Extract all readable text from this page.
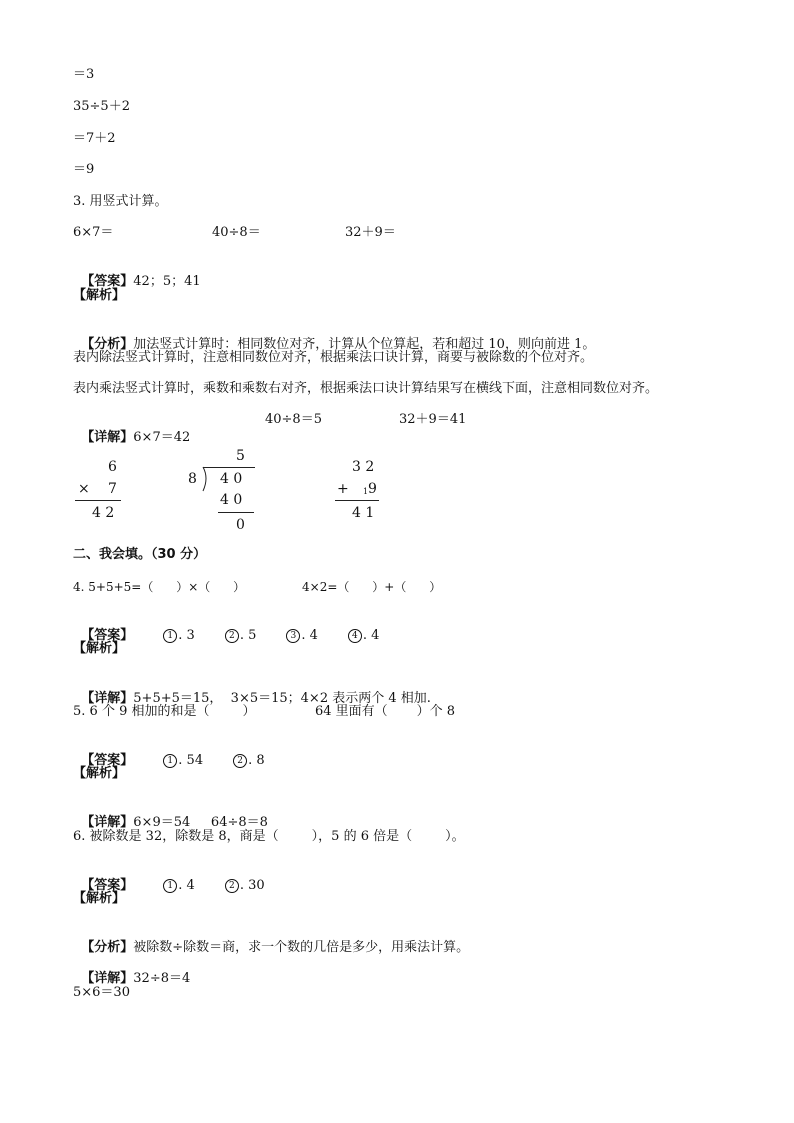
＝3
35÷5＋2
＝7＋2
＝9
3. 用竖式计算。
6×7＝	40÷8＝	32＋9＝

【答案】42；5；41

【解析】

【分析】加法竖式计算时：相同数位对齐，计算从个位算起，若和超过 10，则向前进 1。

表内除法竖式计算时，注意相同数位对齐，根据乘法口诀计算，商要与被除数的个位对齐。
表内乘法竖式计算时，乘数和乘数右对齐，根据乘法口诀计算结果写在横线下面，注意相同数位对齐。

【详解】6×7＝42

40÷8＝5	32＋9＝41
6
× 7
4 2
5
8 4 0
4 0
0
3 2
+ 1 9
4 1
二、我会填。（30 分）
4. 5+5+5=（      ）×（      ）	4×2=（      ）+（      ）

【答案】	1 . 3	2 . 5	3 . 4	4 . 4

【解析】

【详解】5+5+5＝15，  3×5＝15；4×2 表示两个 4 相加.

5. 6 个 9 相加的和是（        ）	64 里面有（       ）个 8

【答案】	1 . 54	2 . 8

【解析】

【详解】6×9＝54     64÷8＝8

6. 被除数是 32，除数是 8，商是（        ），5 的 6 倍是（        ）。

【答案】	1 . 4	2 . 30

【解析】

【分析】被除数÷除数＝商，求一个数的几倍是多少，用乘法计算。

【详解】32÷8＝4

5×6＝30
